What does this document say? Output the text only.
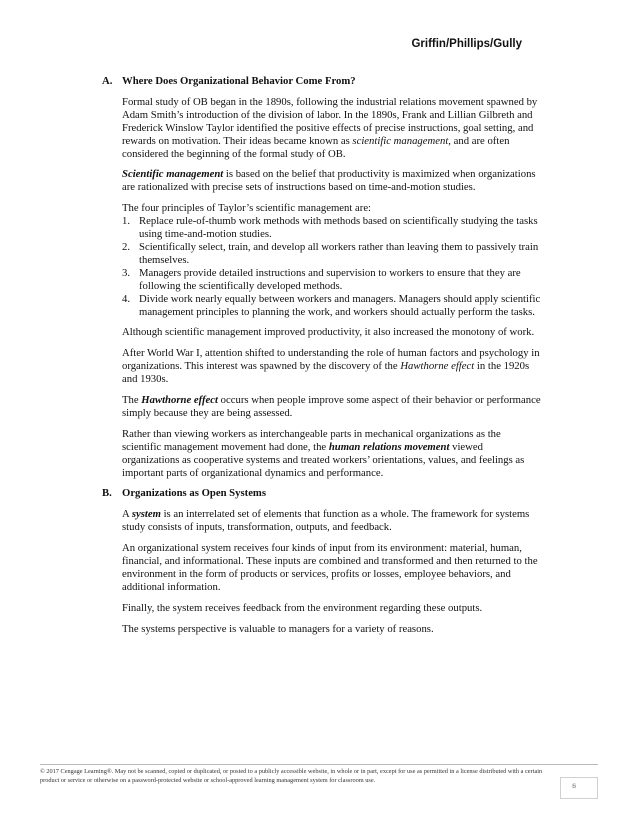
Griffin/Phillips/Gully
A. Where Does Organizational Behavior Come From?

Formal study of OB began in the 1890s, following the industrial relations movement spawned by Adam Smith’s introduction of the division of labor. In the 1890s, Frank and Lillian Gilbreth and Frederick Winslow Taylor identified the positive effects of precise instructions, goal setting, and rewards on motivation. Their ideas became known as scientific management, and are often considered the beginning of the formal study of OB.

Scientific management is based on the belief that productivity is maximized when organizations are rationalized with precise sets of instructions based on time-and-motion studies.

The four principles of Taylor’s scientific management are:

1. Replace rule-of-thumb work methods with methods based on scientifically studying the tasks using time-and-motion studies.
2. Scientifically select, train, and develop all workers rather than leaving them to passively train themselves.
3. Managers provide detailed instructions and supervision to workers to ensure that they are following the scientifically developed methods.
4. Divide work nearly equally between workers and managers. Managers should apply scientific management principles to planning the work, and workers should actually perform the tasks.

Although scientific management improved productivity, it also increased the monotony of work.

After World War I, attention shifted to understanding the role of human factors and psychology in organizations. This interest was spawned by the discovery of the Hawthorne effect in the 1920s and 1930s.

The Hawthorne effect occurs when people improve some aspect of their behavior or performance simply because they are being assessed.

Rather than viewing workers as interchangeable parts in mechanical organizations as the scientific management movement had done, the human relations movement viewed organizations as cooperative systems and treated workers’ orientations, values, and feelings as important parts of organizational dynamics and performance.

B. Organizations as Open Systems

A system is an interrelated set of elements that function as a whole. The framework for systems study consists of inputs, transformation, outputs, and feedback.

An organizational system receives four kinds of input from its environment: material, human, financial, and informational. These inputs are combined and transformed and then returned to the environment in the form of products or services, profits or losses, employee behaviors, and additional information.

Finally, the system receives feedback from the environment regarding these outputs.

The systems perspective is valuable to managers for a variety of reasons.

© 2017 Cengage Learning®. May not be scanned, copied or duplicated, or posted to a publicly accessible website, in whole or in part, except for use as permitted in a license distributed with a certain product or service or otherwise on a password-protected website or school-approved learning management system for classroom use.
ꞩ
